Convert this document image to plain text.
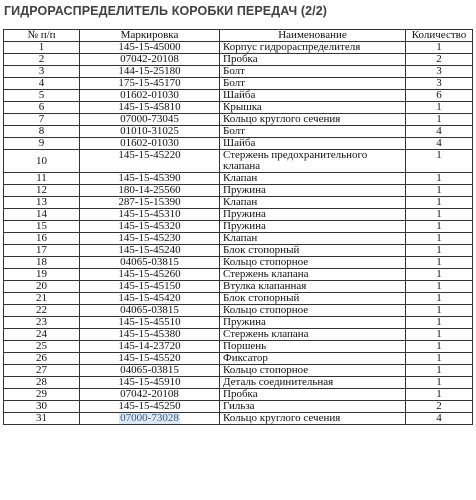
ГИДРОРАСПРЕДЕЛИТЕЛЬ КОРОБКИ ПЕРЕДАЧ (2/2)
№ п/п	Маркировка	Наименование	Количество
1	145-15-45000	Корпус гидрораспределителя	1
2	07042-20108	Пробка	2
3	144-15-25180	Болт	3
4	175-15-45170	Болт	3
5	01602-01030	Шайба	6
6	145-15-45810	Крышка	1
7	07000-73045	Кольцо круглого сечения	1
8	01010-31025	Болт	4
9	01602-01030	Шайба	4
10	145-15-45220	Стержень предохранительного клапана	1
11	145-15-45390	Клапан	1
12	180-14-25560	Пружина	1
13	287-15-15390	Клапан	1
14	145-15-45310	Пружина	1
15	145-15-45320	Пружина	1
16	145-15-45230	Клапан	1
17	145-15-45240	Блок стопорный	1
18	04065-03815	Кольцо стопорное	1
19	145-15-45260	Стержень клапана	1
20	145-15-45150	Втулка клапанная	1
21	145-15-45420	Блок стопорный	1
22	04065-03815	Кольцо стопорное	1
23	145-15-45510	Пружина	1
24	145-15-45380	Стержень клапана	1
25	145-14-23720	Поршень	1
26	145-15-45520	Фиксатор	1
27	04065-03815	Кольцо стопорное	1
28	145-15-45910	Деталь соединительная	1
29	07042-20108	Пробка	1
30	145-15-45250	Гильза	2
31	07000-73028	Кольцо круглого сечения	4
